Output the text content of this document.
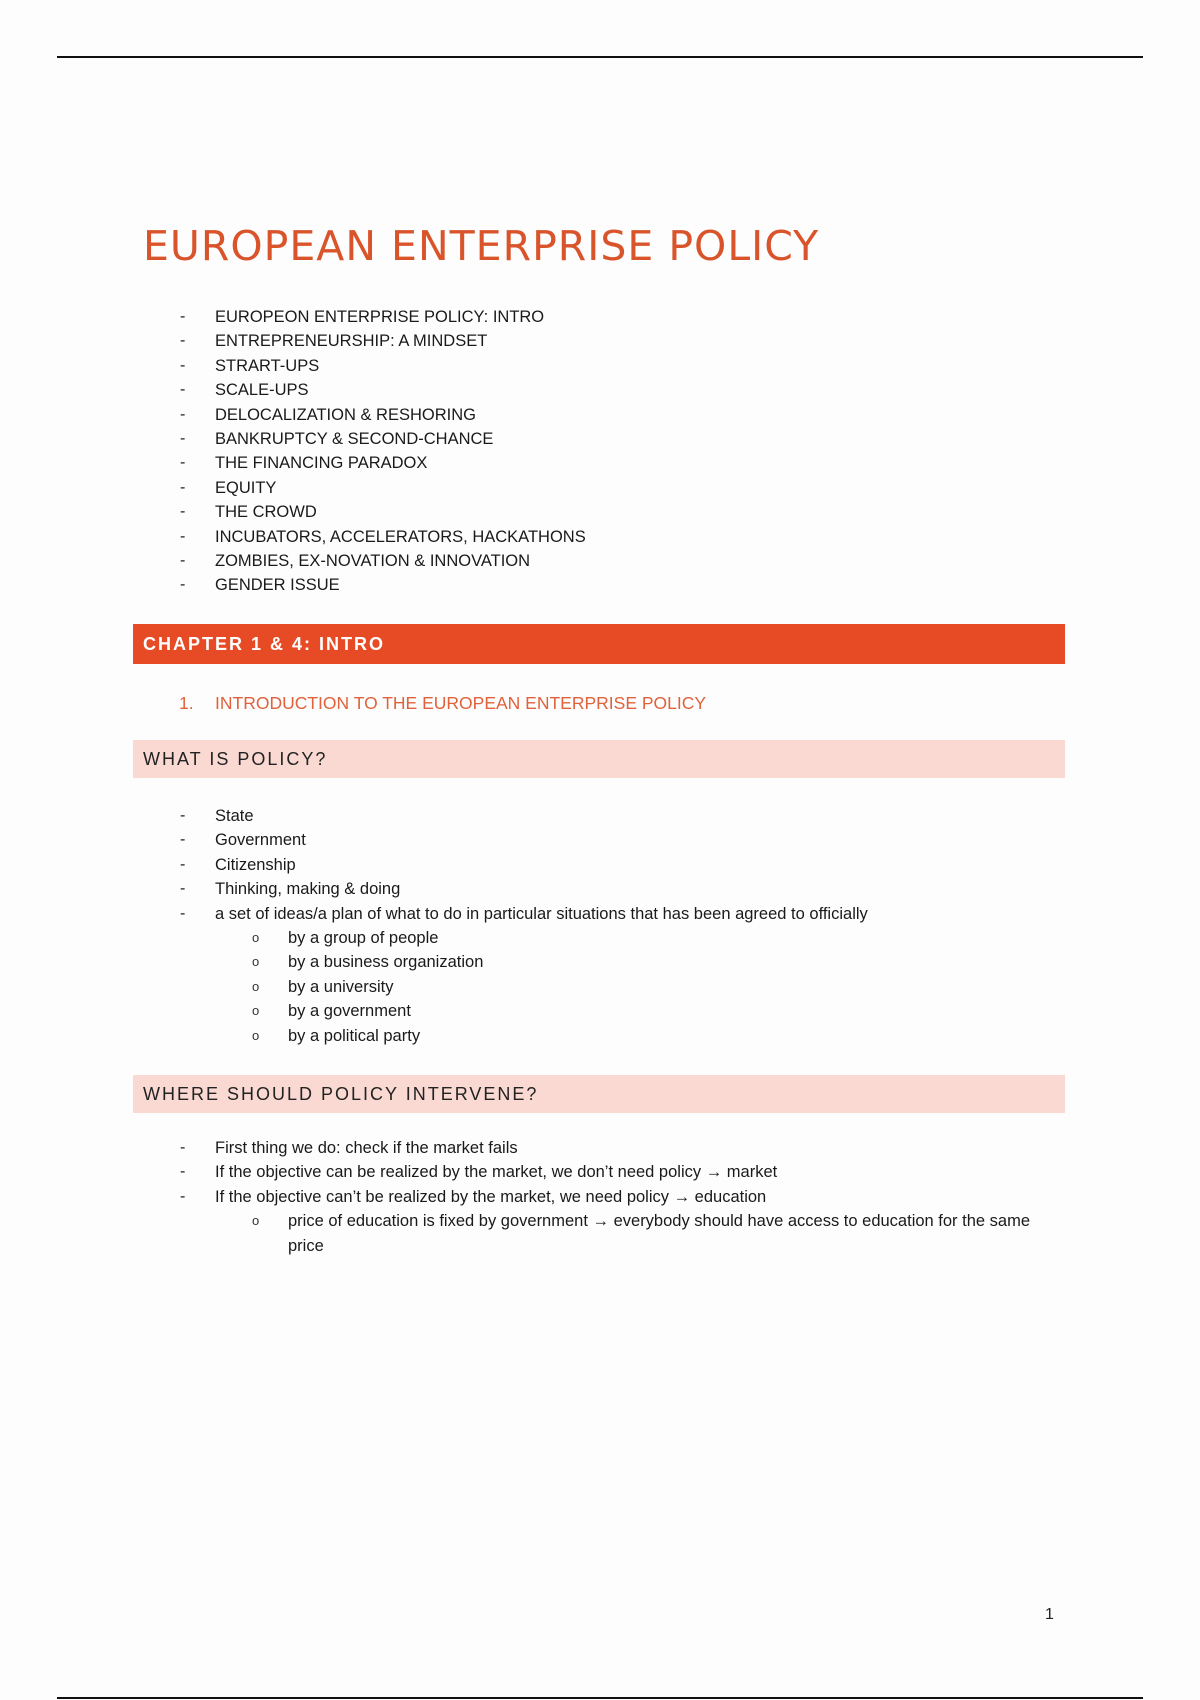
EUROPEAN ENTERPRISE POLICY
- EUROPEON ENTERPRISE POLICY: INTRO
- ENTREPRENEURSHIP: A MINDSET
- STRART-UPS
- SCALE-UPS
- DELOCALIZATION & RESHORING
- BANKRUPTCY & SECOND-CHANCE
- THE FINANCING PARADOX
- EQUITY
- THE CROWD
- INCUBATORS, ACCELERATORS, HACKATHONS
- ZOMBIES, EX-NOVATION & INNOVATION
- GENDER ISSUE
CHAPTER 1 & 4: INTRO
1. INTRODUCTION TO THE EUROPEAN ENTERPRISE POLICY
WHAT IS POLICY?
- State
- Government
- Citizenship
- Thinking, making & doing
- a set of ideas/a plan of what to do in particular situations that has been agreed to officially
o by a group of people
o by a business organization
o by a university
o by a government
o by a political party
WHERE SHOULD POLICY INTERVENE?
- First thing we do: check if the market fails
- If the objective can be realized by the market, we don’t need policy → market
- If the objective can’t be realized by the market, we need policy → education
o price of education is fixed by government → everybody should have access to education for the same price
1
